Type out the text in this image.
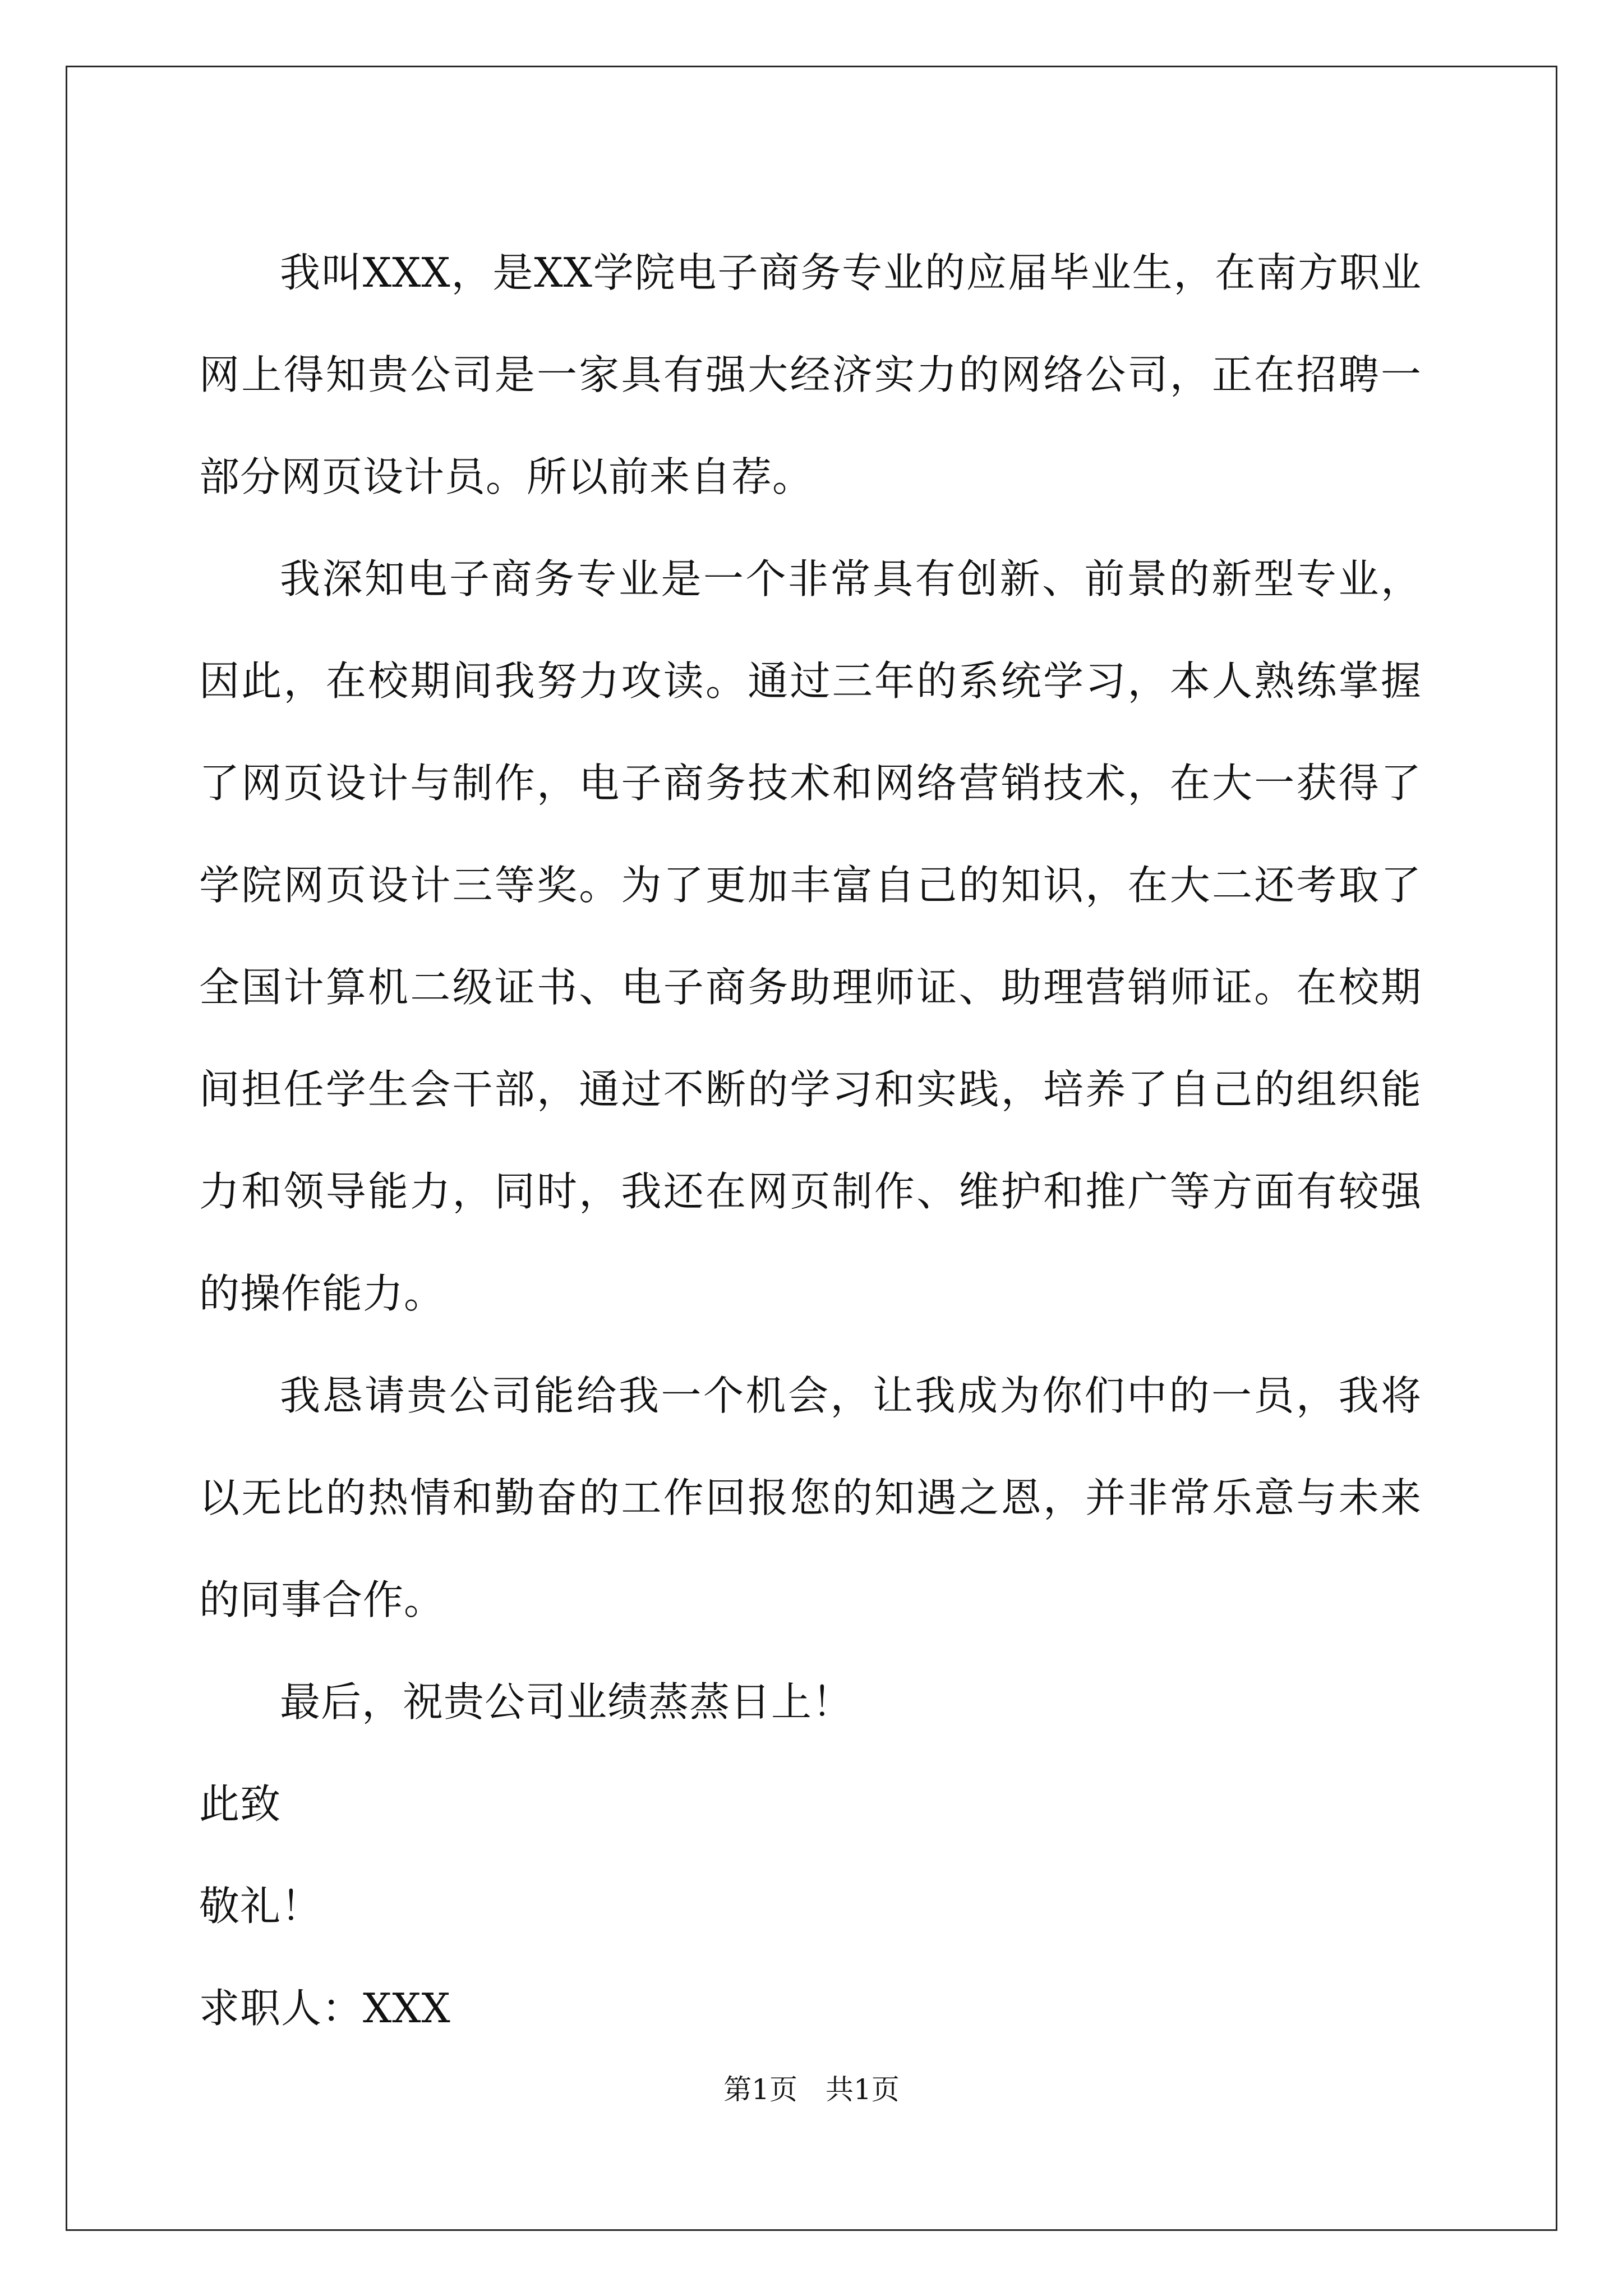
我叫XXX，是XX学院电子商务专业的应届毕业生，在南方职业网上得知贵公司是一家具有强大经济实力的网络公司，正在招聘一部分网页设计员。所以前来自荐。

我深知电子商务专业是一个非常具有创新、前景的新型专业，因此，在校期间我努力攻读。通过三年的系统学习，本人熟练掌握了网页设计与制作，电子商务技术和网络营销技术，在大一获得了学院网页设计三等奖。为了更加丰富自己的知识，在大二还考取了全国计算机二级证书、电子商务助理师证、助理营销师证。在校期间担任学生会干部，通过不断的学习和实践，培养了自己的组织能力和领导能力，同时，我还在网页制作、维护和推广等方面有较强的操作能力。

我恳请贵公司能给我一个机会，让我成为你们中的一员，我将以无比的热情和勤奋的工作回报您的知遇之恩，并非常乐意与未来的同事合作。

最后，祝贵公司业绩蒸蒸日上！

此致

敬礼！

求职人：XXX

第1页　共1页
